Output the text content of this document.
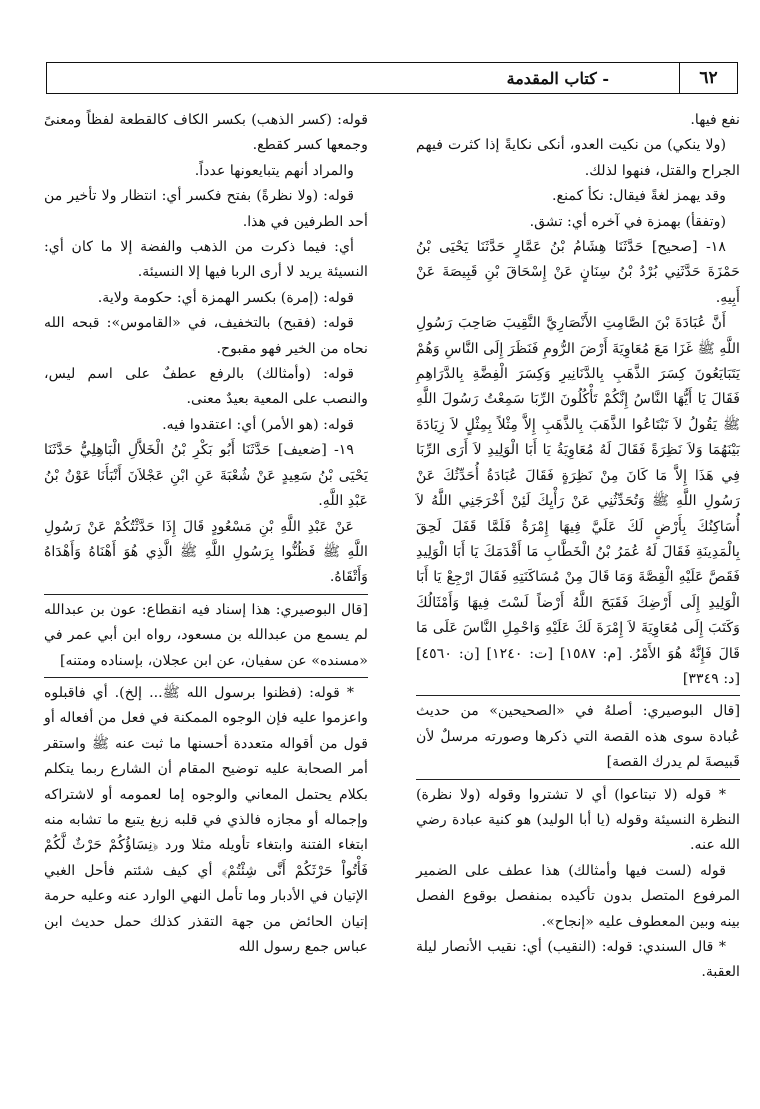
٦٢
- كتاب المقدمة

نفع فيها.

(ولا ينكي) من نكيت العدو، أنكى نكايةً إذا كثرت فيهم الجراح والقتل، فنهوا لذلك.

وقد يهمز لغةً فيقال: نكأ كمنع.

(وتفقأ) بهمزة في آخره أي: تشق.

١٨- [صحيح] حَدَّثَنَا هِشَامُ بْنُ عَمَّارٍ حَدَّثَنَا يَحْيَى بْنُ حَمْزَةَ حَدَّثَنِي بُرْدُ بْنُ سِنَانٍ عَنْ إِسْحَاقَ بْنِ قَبِيصَةَ عَنْ أَبِيهِ.

أَنَّ عُبَادَةَ بْنَ الصَّامِتِ الأَنْصَارِيَّ النَّقِيبَ صَاحِبَ رَسُولِ اللَّهِ ﷺ غَزَا مَعَ مُعَاوِيَةَ أَرْضَ الرُّومِ فَنَظَرَ إِلَى النَّاسِ وَهُمْ يَتَبَايَعُونَ كِسَرَ الذَّهَبِ بِالدَّنَانِيرِ وَكِسَرَ الْفِضَّةِ بِالدَّرَاهِمِ فَقَالَ يَا أَيُّهَا النَّاسُ إِنَّكُمْ تَأْكُلُونَ الرِّبَا سَمِعْتُ رَسُولَ اللَّهِ ﷺ يَقُولُ لاَ تَبْتَاعُوا الذَّهَبَ بِالذَّهَبِ إِلاَّ مِثْلاً بِمِثْلٍ لاَ زِيَادَةَ بَيْنَهُمَا وَلاَ نَظِرَةً فَقَالَ لَهُ مُعَاوِيَةُ يَا أَبَا الْوَلِيدِ لاَ أَرَى الرِّبَا فِي هَذَا إِلاَّ مَا كَانَ مِنْ نَظِرَةٍ فَقَالَ عُبَادَةُ أُحَدِّثُكَ عَنْ رَسُولِ اللَّهِ ﷺ وَتُحَدِّثُنِي عَنْ رَأْيِكَ لَئِنْ أَخْرَجَنِي اللَّهُ لاَ أُسَاكِنُكَ بِأَرْضٍ لَكَ عَلَيَّ فِيهَا إِمْرَةٌ فَلَمَّا قَفَلَ لَحِقَ بِالْمَدِينَةِ فَقَالَ لَهُ عُمَرُ بْنُ الْخَطَّابِ مَا أَقْدَمَكَ يَا أَبَا الْوَلِيدِ فَقَصَّ عَلَيْهِ الْقِصَّةَ وَمَا قَالَ مِنْ مُسَاكَنَتِهِ فَقَالَ ارْجِعْ يَا أَبَا الْوَلِيدِ إِلَى أَرْضِكَ فَقَبَحَ اللَّهُ أَرْضاً لَسْتَ فِيهَا وَأَمْثَالُكَ وَكَتَبَ إِلَى مُعَاوِيَةَ لاَ إِمْرَةَ لَكَ عَلَيْهِ وَاحْمِلِ النَّاسَ عَلَى مَا قَالَ فَإِنَّهُ هُوَ الأَمْرُ. [م: ١٥٨٧] [ت: ١٢٤٠] [ن: ٤٥٦٠] [د: ٣٣٤٩]

[قال البوصيري: أصلهُ في «الصحيحين» من حديث عُبادة سوى هذه القصة التي ذكرها وصورته مرسلٌ لأن قَبيصةَ لم يدرك القصة]

* قوله (لا تبتاعوا) أي لا تشتروا وقوله (ولا نظرة) النظرة النسيئة وقوله (يا أبا الوليد) هو كنية عبادة رضي الله عنه.

قوله (لست فيها وأمثالك) هذا عطف على الضمير المرفوع المتصل بدون تأكيده بمنفصل بوقوع الفصل بينه وبين المعطوف عليه «إنجاح».

* قال السندي: قوله: (النقيب) أي: نقيب الأنصار ليلة العقبة.

قوله: (كسر الذهب) بكسر الكاف كالقطعة لفظاً ومعنىً وجمعها كسر كقطع.

والمراد أنهم يتبايعونها عدداً.

قوله: (ولا نظرةً) بفتح فكسر أي: انتظار ولا تأخير من أحد الطرفين في هذا.

أي: فيما ذكرت من الذهب والفضة إلا ما كان أي: النسيئة يريد لا أرى الربا فيها إلا النسيئة.

قوله: (إمرة) بكسر الهمزة أي: حكومة ولاية.

قوله: (فقبح) بالتخفيف، في «القاموس»: قبحه الله نحاه من الخير فهو مقبوح.

قوله: (وأمثالك) بالرفع عطفٌ على اسم ليس، والنصب على المعية بعيدٌ معنى.

قوله: (هو الأمر) أي: اعتقدوا فيه.

١٩- [ضعيف] حَدَّثَنَا أَبُو بَكْرِ بْنُ الْخَلاَّلِ الْبَاهِلِيُّ حَدَّثَنَا يَحْيَى بْنُ سَعِيدٍ عَنْ شُعْبَةَ عَنِ ابْنِ عَجْلاَنَ أَنْبَأَنَا عَوْنُ بْنُ عَبْدِ اللَّهِ.

عَنْ عَبْدِ اللَّهِ بْنِ مَسْعُودٍ قَالَ إِذَا حَدَّثْتُكُمْ عَنْ رَسُولِ اللَّهِ ﷺ فَظُنُّوا بِرَسُولِ اللَّهِ ﷺ الَّذِي هُوَ أَهْنَاهُ وَأَهْدَاهُ وَأَتْقَاهُ.

[قال البوصيري: هذا إسناد فيه انقطاع: عون بن عبدالله لم يسمع من عبدالله بن مسعود، رواه ابن أبي عمر في «مسنده» عن سفيان، عن ابن عجلان، بإسناده ومتنه]

* قوله: (فظنوا برسول الله ﷺ... إلخ). أي فاقبلوه واعزموا عليه فإن الوجوه الممكنة في فعل من أفعاله أو قول من أقواله متعددة أحسنها ما ثبت عنه ﷺ واستقر أمر الصحابة عليه توضيح المقام أن الشارع ربما يتكلم بكلام يحتمل المعاني والوجوه إما لعمومه أو لاشتراكه وإجماله أو مجازه فالذي في قلبه زيغ يتبع ما تشابه منه ابتغاء الفتنة وابتغاء تأويله مثلا ورد ﴿نِسَاؤُكُمْ حَرْثٌ لَّكُمْ فَأْتُواْ حَرْثَكُمْ أَنَّى شِئْتُمْ﴾ أي كيف شئتم فأحل الغبي الإتيان في الأدبار وما تأمل النهي الوارد عنه وعليه حرمة إتيان الحائض من جهة التقذر كذلك حمل حديث ابن عباس جمع رسول الله
